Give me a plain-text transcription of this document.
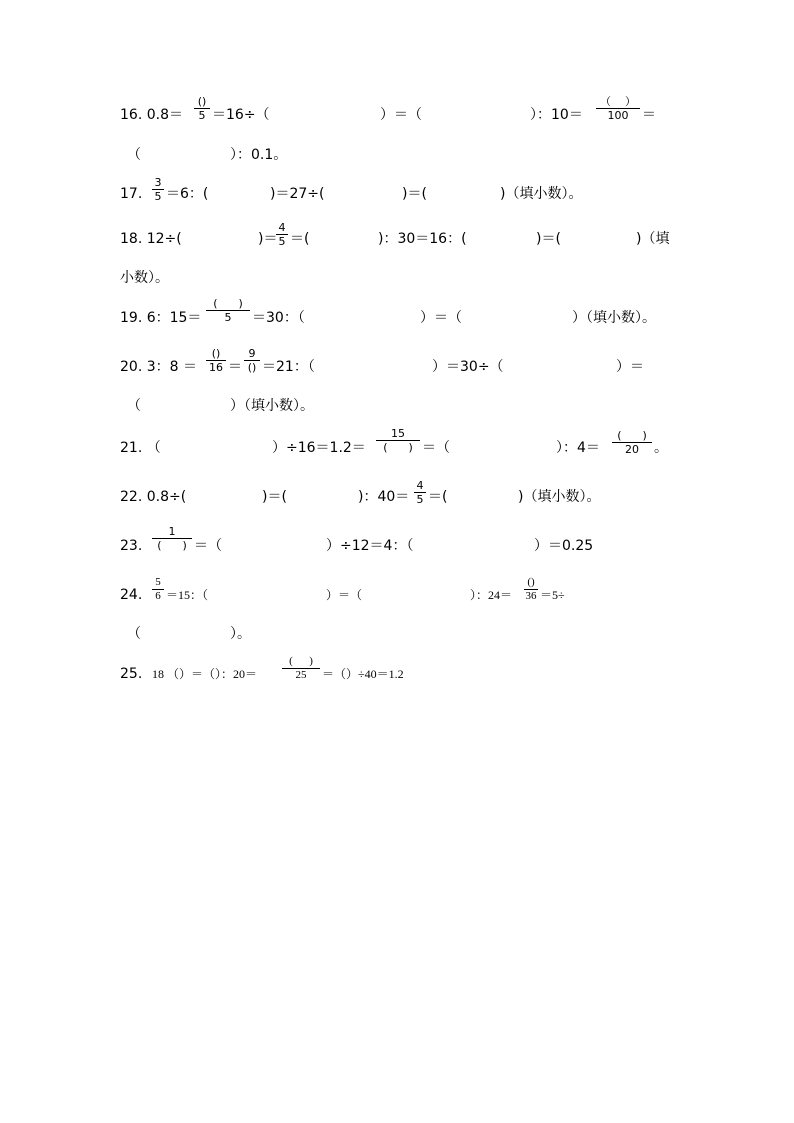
16. 0.8＝
()
5 ＝16÷（	）＝（	）：10＝
（    ）
100 ＝
（                    ）：0.1。
17.
3
5 ＝6：(	)＝27÷(	)＝(	)（填小数）。
18. 12÷(	)＝
4
5 ＝(	)：30＝16：(	)＝(	)（填
小数）。
19. 6：15＝
(      )
5	＝30：（	）＝（	）（填小数）。
20. 3：8 ＝
()
16 ＝
9
() ＝21：（	）＝30÷（	）＝
（                    ）（填小数）。
21. （	）÷16＝1.2＝
15
(      ) ＝（	）：4＝
(      )
20	。
22. 0.8÷(	)＝(	)：40＝
4
5 ＝(	)（填小数）。
23.
1
(      ) ＝（	）÷12＝4：（	）＝0.25
24.
5
6 ＝15：（	）＝（	）：24＝
()
36 ＝5÷
（                    ）。
25. 18 （）＝（）：20＝
(      )
25	＝（）÷40＝1.2
